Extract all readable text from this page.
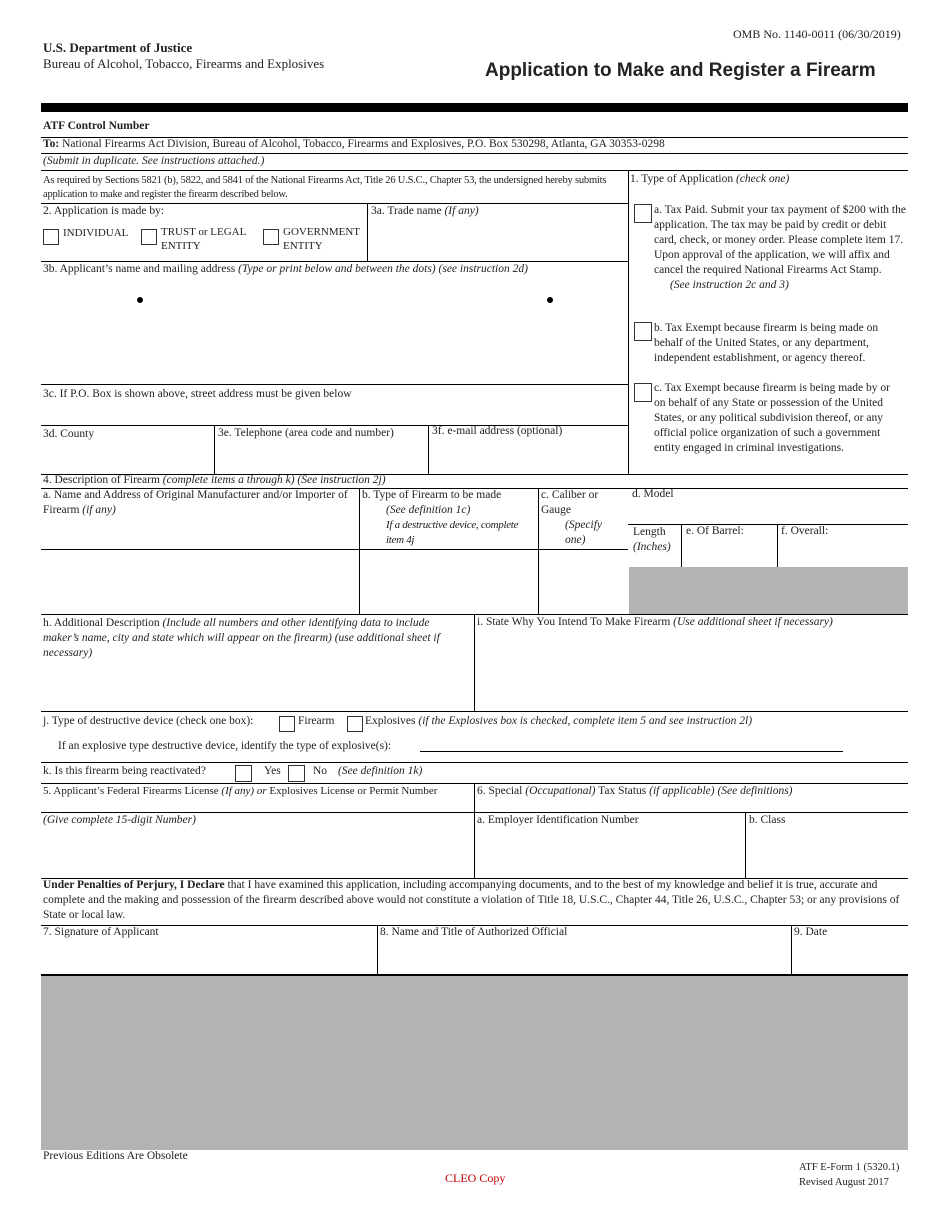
OMB No. 1140-0011 (06/30/2019)
U.S. Department of Justice
Bureau of Alcohol, Tobacco, Firearms and Explosives	Application to Make and Register a Firearm
ATF Control Number
To: National Firearms Act Division, Bureau of Alcohol, Tobacco, Firearms and Explosives, P.O. Box 530298, Atlanta, GA 30353-0298
(Submit in duplicate. See instructions attached.)
As required by Sections 5821 (b), 5822, and 5841 of the National Firearms Act, Title 26 U.S.C., Chapter 53, the undersigned hereby submits application to make and register the firearm described below.
1. Type of Application (check one)
a. Tax Paid. Submit your tax payment of $200 with the application. The tax may be paid by credit or debit card, check, or money order. Please complete item 17. Upon approval of the application, we will affix and cancel the required National Firearms Act Stamp.
(See instruction 2c and 3)
b. Tax Exempt because firearm is being made on behalf of the United States, or any department, independent establishment, or agency thereof.
c. Tax Exempt because firearm is being made by or on behalf of any State or possession of the United States, or any political subdivision thereof, or any official police organization of such a government entity engaged in criminal investigations.
2. Application is made by:
INDIVIDUAL	TRUST or LEGAL ENTITY
GOVERNMENT ENTITY
3a. Trade name (If any)
3b. Applicant’s name and mailing address (Type or print below and between the dots) (see instruction 2d)
3c. If P.O. Box is shown above, street address must be given below
3d. County	3e. Telephone (area code and number)	3f. e-mail address (optional)
4. Description of Firearm (complete items a through k) (See instruction 2j)
a. Name and Address of Original Manufacturer and/or Importer of Firearm (if any)
b. Type of Firearm to be made
(See definition 1c)

If a destructive device, complete item 4j
c. Caliber or Gauge

(Specify one)
d. Model
Length
(Inches)
e. Of Barrel:	f. Overall:
h. Additional Description (Include all numbers and other identifying data to include maker’s name, city and state which will appear on the firearm) (use additional sheet if necessary)
i. State Why You Intend To Make Firearm (Use additional sheet if necessary)
j. Type of destructive device (check one box):	Firearm	Explosives (if the Explosives box is checked, complete item 5 and see instruction 2l)
If an explosive type destructive device, identify the type of explosive(s):
k. Is this firearm being reactivated?	Yes	No (See definition 1k)
5. Applicant’s Federal Firearms License (If any) or Explosives License or Permit Number	6. Special (Occupational) Tax Status (if applicable) (See definitions)
(Give complete 15-digit Number)	a. Employer Identification Number	b. Class
Under Penalties of Perjury, I Declare that I have examined this application, including accompanying documents, and to the best of my knowledge and belief it is true, accurate and complete and the making and possession of the firearm described above would not constitute a violation of Title 18, U.S.C., Chapter 44, Title 26, U.S.C., Chapter 53; or any provisions of State or local law.
7. Signature of Applicant	8. Name and Title of Authorized Official	9. Date
Previous Editions Are Obsolete
CLEO Copy
ATF E-Form 1 (5320.1)
Revised August 2017
